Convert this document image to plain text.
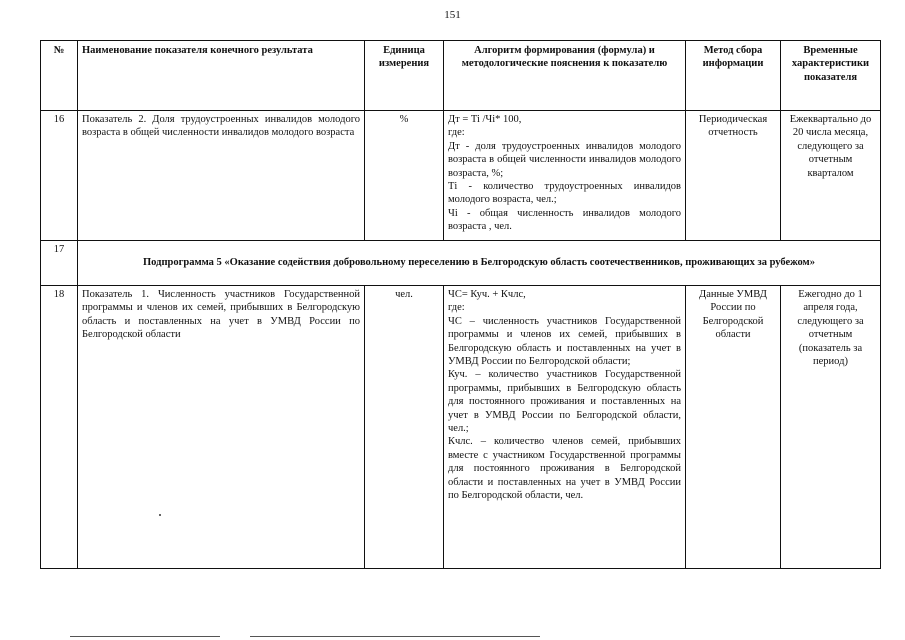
151
№	Наименование показателя конечного результата	Единица измерения	Алгоритм формирования (формула) и методологические пояснения к показателю	Метод сбора информации	Временные характеристики показателя
16	Показатель 2. Доля трудоустроенных инвалидов молодого возраста в общей численности инвалидов молодого возраста	%	Дт = Ti /Чi* 100,
где:
Дт - доля трудоустроенных инвалидов молодого возраста в общей численности инвалидов молодого возраста, %;
Тi - количество трудоустроенных инвалидов молодого возраста, чел.;
Чi - общая численность инвалидов молодого возраста , чел.	Периодическая отчетность	Ежеквартально до 20 числа месяца, следующего за отчетным кварталом
17	Подпрограмма 5 «Оказание содействия добровольному переселению в Белгородскую область соотечественников, проживающих за рубежом»				

18	Показатель 1. Численность участников Государственной программы и членов их семей, прибывших в Белгородскую область и поставленных на учет в УМВД России по Белгородской области	чел.	ЧС= Куч. + Кчлс,
где:
ЧС – численность участников Государственной программы и членов их семей, прибывших в Белгородскую область и поставленных на учет в УМВД России по Белгородской области;
Куч. – количество участников Государственной программы, прибывших в Белгородскую область для постоянного проживания и поставленных на учет в УМВД России по Белгородской области, чел.;
Кчлс. – количество членов семей, прибывших вместе с участником Государственной программы для постоянного проживания в Белгородской области и поставленных на учет в УМВД России по Белгородской области, чел.	Данные УМВД России по Белгородской области	Ежегодно до 1 апреля года, следующего за отчетным (показатель за период)
